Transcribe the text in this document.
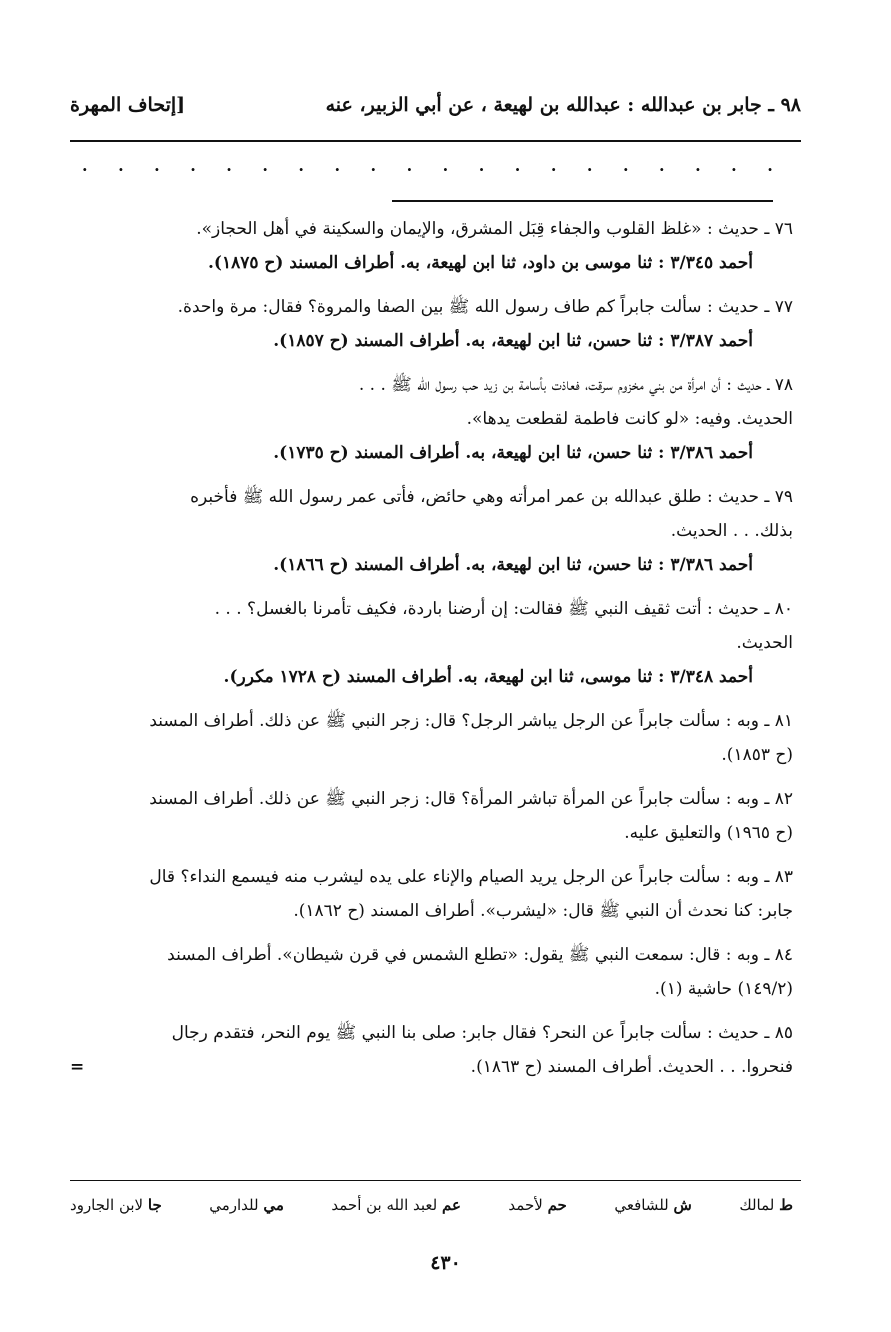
٩٨ ـ جابر بن عبدالله : عبدالله بن لهيعة ، عن أبي الزبير، عنه
[إتحاف المهرة
· · · · · · · · · · · · · · · · · · · ·

٧٦ ـ حديث : «غلظ القلوب والجفاء قِبَل المشرق، والإيمان والسكينة في أهل الحجاز».

أحمد ٣/٣٤٥ : ثنا موسى بن داود، ثنا ابن لهيعة، به. أطراف المسند (ح ١٨٧٥).

٧٧ ـ حديث : سألت جابراً كم طاف رسول الله ﷺ بين الصفا والمروة؟ فقال: مرة واحدة.

أحمد ٣/٣٨٧ : ثنا حسن، ثنا ابن لهيعة، به. أطراف المسند (ح ١٨٥٧).

٧٨ ـ حديث : أن امرأة من بني مخزوم سرقت، فعاذت بأسامة بن زيد حب رسول الله ﷺ . . .

الحديث. وفيه: «لو كانت فاطمة لقطعت يدها».

أحمد ٣/٣٨٦ : ثنا حسن، ثنا ابن لهيعة، به. أطراف المسند (ح ١٧٣٥).

٧٩ ـ حديث : طلق عبدالله بن عمر امرأته وهي حائض، فأتى عمر رسول الله ﷺ فأخبره

بذلك. . . الحديث.

أحمد ٣/٣٨٦ : ثنا حسن، ثنا ابن لهيعة، به. أطراف المسند (ح ١٨٦٦).

٨٠ ـ حديث : أتت ثقيف النبي ﷺ فقالت: إن أرضنا باردة، فكيف تأمرنا بالغسل؟ . . .

الحديث.

أحمد ٣/٣٤٨ : ثنا موسى، ثنا ابن لهيعة، به. أطراف المسند (ح ١٧٢٨ مكرر).

٨١ ـ وبه : سألت جابراً عن الرجل يباشر الرجل؟ قال: زجر النبي ﷺ عن ذلك. أطراف المسند

(ح ١٨٥٣).

٨٢ ـ وبه : سألت جابراً عن المرأة تباشر المرأة؟ قال: زجر النبي ﷺ عن ذلك. أطراف المسند

(ح ١٩٦٥) والتعليق عليه.

٨٣ ـ وبه : سألت جابراً عن الرجل يريد الصيام والإناء على يده ليشرب منه فيسمع النداء؟ قال

جابر: كنا نحدث أن النبي ﷺ قال: «ليشرب». أطراف المسند (ح ١٨٦٢).

٨٤ ـ وبه : قال: سمعت النبي ﷺ يقول: «تطلع الشمس في قرن شيطان». أطراف المسند

(١٤٩/٢) حاشية (١).

٨٥ ـ حديث : سألت جابراً عن النحر؟ فقال جابر: صلى بنا النبي ﷺ يوم النحر، فتقدم رجال

فنحروا. . . الحديث. أطراف المسند (ح ١٨٦٣).
=

ط لمالك
ش للشافعي
حم لأحمد
عم لعبد الله بن أحمد
مي للدارمي
جا لابن الجارود
٤٣٠
